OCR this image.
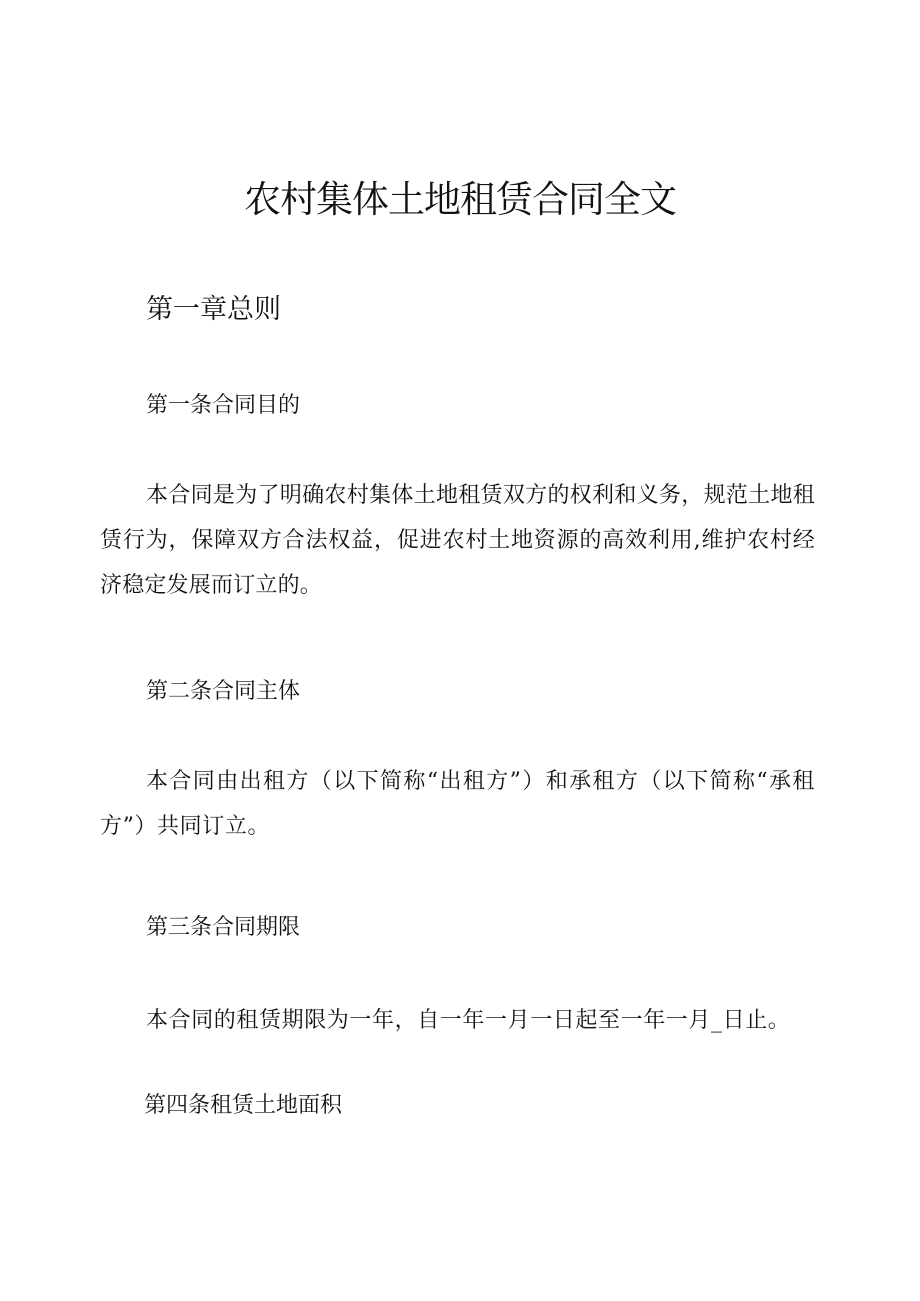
农村集体土地租赁合同全文
第一章总则
第一条合同目的

本合同是为了明确农村集体土地租赁双方的权利和义务，规范土地租赁行为，保障双方合法权益，促进农村土地资源的高效利用,维护农村经济稳定发展而订立的。

第二条合同主体

本合同由出租方（以下简称“出租方”）和承租方（以下简称“承租方”）共同订立。

第三条合同期限

本合同的租赁期限为一年，自一年一月一日起至一年一月_日止。

第四条租赁土地面积
